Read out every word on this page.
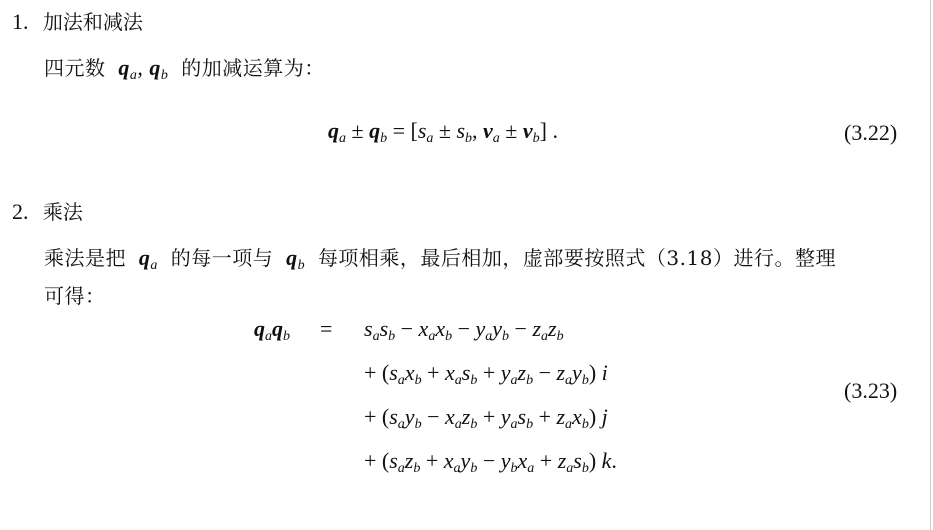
1. 加法和减法
四元数 $q_a$, $q_b$ 的加减运算为：
$q_a \pm q_b = [s_a \pm s_b$, $v_a \pm v_b$] .	(3.22)
2. 乘法
乘法是把 $q_a$ 的每一项与 $q_b$ 每项相乘，最后相加，虚部要按照式（3.18）进行。整理
可得：
$q_aq_b = s_as_b - x_ax_b - y_ay_b - z_az_b$
+ $(s_ax_b + x_as_b + y_az_b - z_ay_b)$ i
+ $(s_ay_b - x_az_b + y_as_b + z_ax_b)$ j
+ $(s_az_b + x_ay_b - y_bx_a + z_as_b)$ k.
(3.23)
